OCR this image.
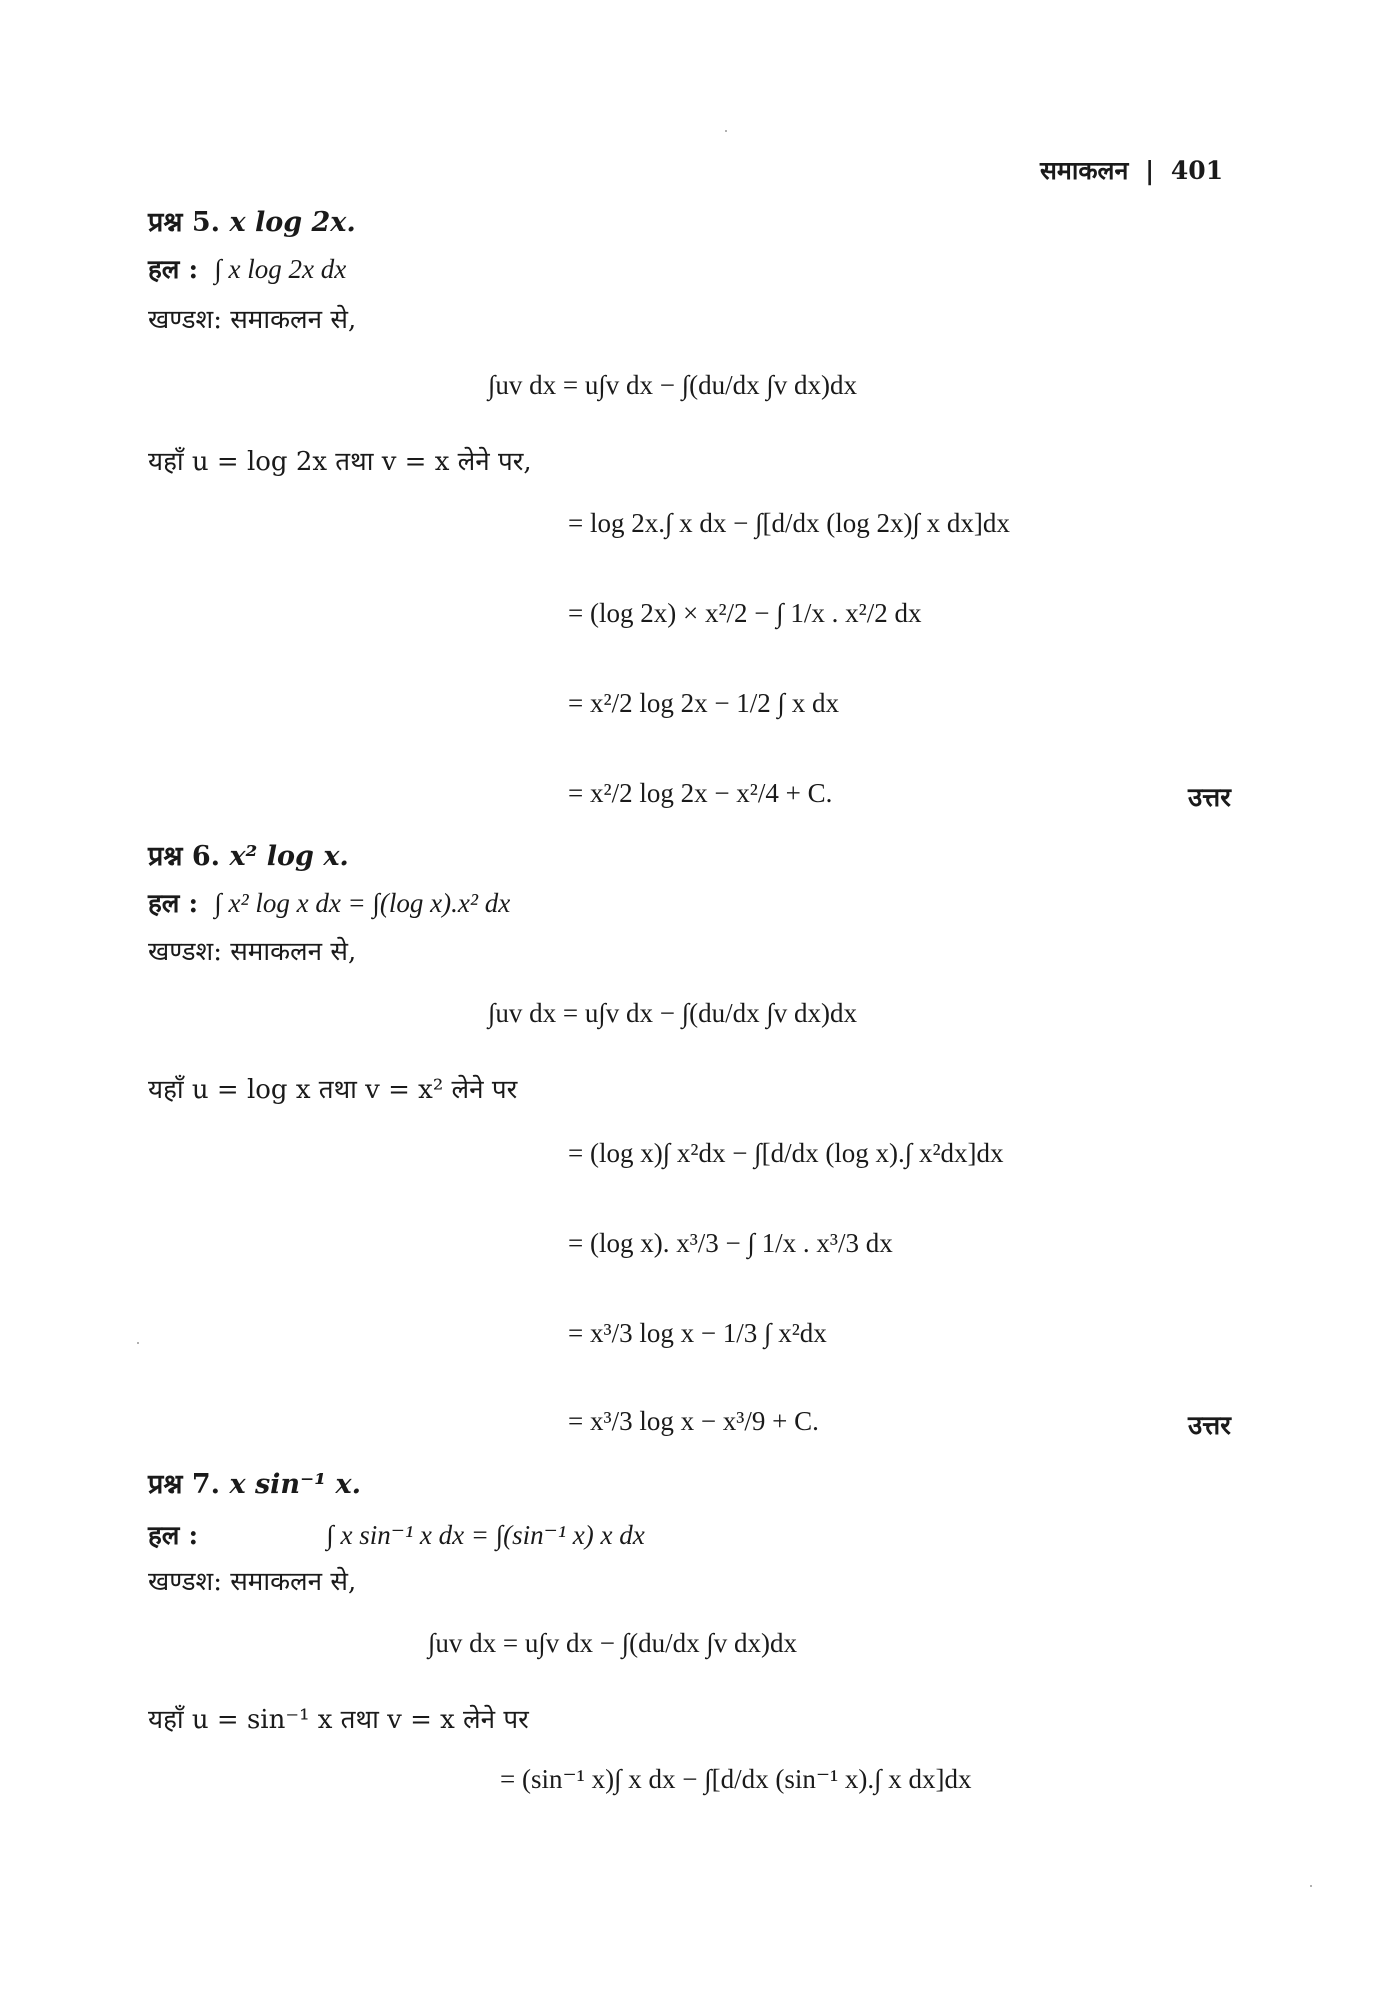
समाकलन | 401
प्रश्न 5. x log 2x.
हल : ∫ x log 2x dx
खण्डश: समाकलन से,
∫uv dx = u∫v dx − ∫(du/dx ∫v dx)dx
यहाँ u = log 2x तथा v = x लेने पर,
= log 2x.∫ x dx − ∫[d/dx (log 2x)∫ x dx]dx
= (log 2x) × x²/2 − ∫ 1/x . x²/2 dx
= x²/2 log 2x − 1/2 ∫ x dx
= x²/2 log 2x − x²/4 + C.	उत्तर
प्रश्न 6. x² log x.
हल : ∫ x² log x dx = ∫(log x).x² dx
खण्डश: समाकलन से,
∫uv dx = u∫v dx − ∫(du/dx ∫v dx)dx
यहाँ u = log x तथा v = x² लेने पर
= (log x)∫ x²dx − ∫[d/dx (log x).∫ x²dx]dx
= (log x). x³/3 − ∫ 1/x . x³/3 dx
= x³/3 log x − 1/3 ∫ x²dx
= x³/3 log x − x³/9 + C.	उत्तर
प्रश्न 7. x sin⁻¹ x.
हल :	∫ x sin⁻¹ x dx = ∫(sin⁻¹ x) x dx
खण्डश: समाकलन से,
∫uv dx = u∫v dx − ∫(du/dx ∫v dx)dx
यहाँ u = sin⁻¹ x तथा v = x लेने पर
= (sin⁻¹ x)∫ x dx − ∫[d/dx (sin⁻¹ x).∫ x dx]dx
